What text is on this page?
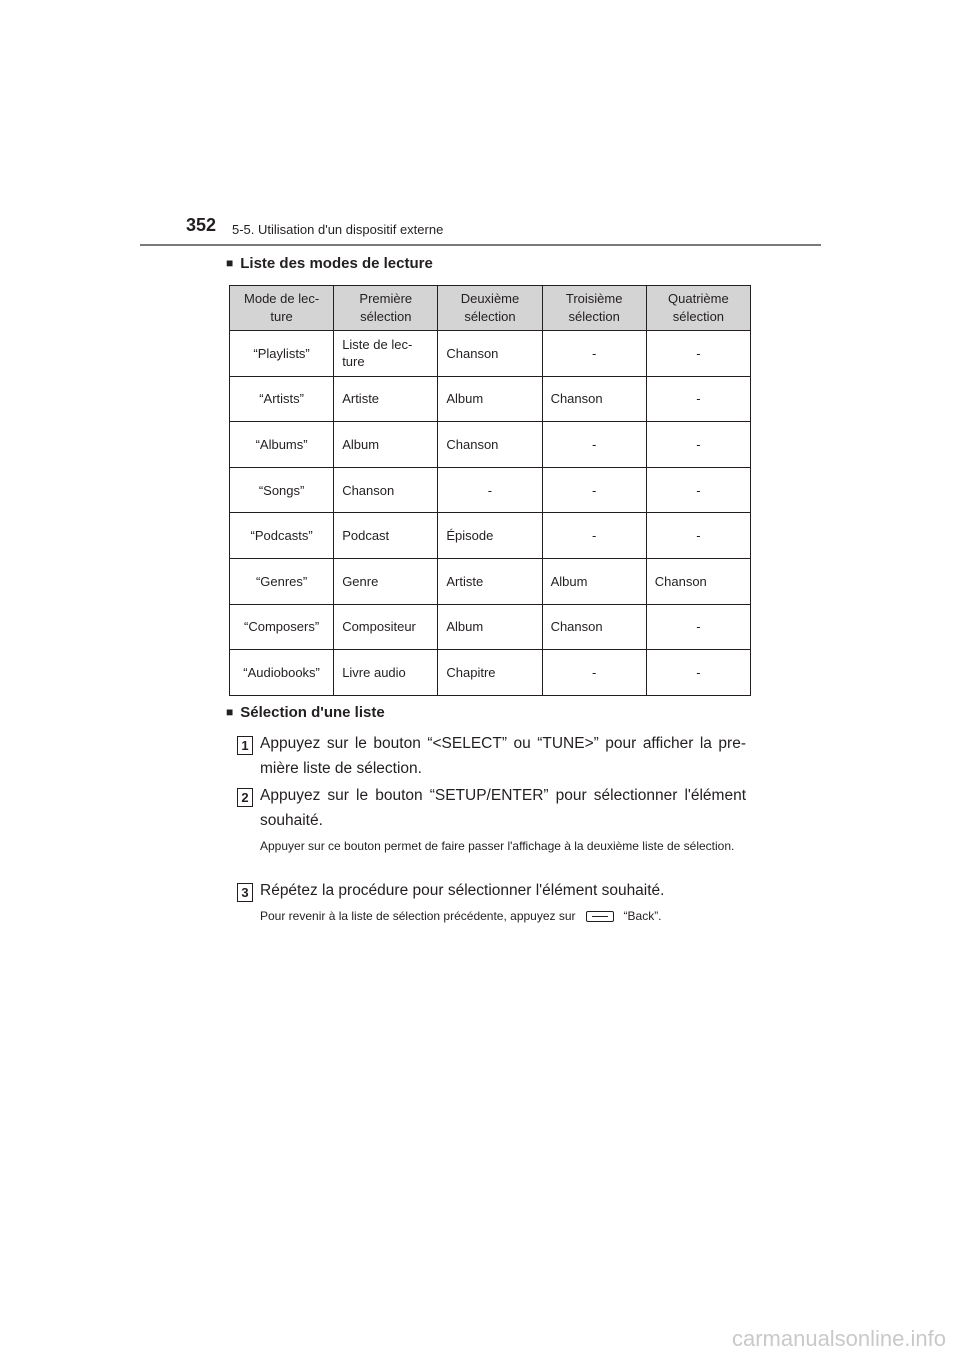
352 5-5. Utilisation d'un dispositif externe
■ Liste des modes de lecture
Mode de lec-
ture	Première
sélection	Deuxième
sélection	Troisième
sélection	Quatrième
sélection
“Playlists”	Liste de lec-
ture	Chanson	-	-
“Artists”	Artiste	Album	Chanson	-
“Albums”	Album	Chanson	-	-
“Songs”	Chanson	-	-	-
“Podcasts”	Podcast	Épisode	-	-
“Genres”	Genre	Artiste	Album	Chanson
“Composers”	Compositeur	Album	Chanson	-
“Audiobooks”	Livre audio	Chapitre	-	-
■ Sélection d'une liste
1 Appuyez sur le bouton “<SELECT” ou “TUNE>” pour afficher la pre-mière liste de sélection.
2 Appuyez sur le bouton “SETUP/ENTER” pour sélectionner l'élément souhaité.
Appuyer sur ce bouton permet de faire passer l'affichage à la deuxième liste de sélection.
3 Répétez la procédure pour sélectionner l'élément souhaité.
Pour revenir à la liste de sélection précédente, appuyez sur	“Back”.
carmanualsonline.info
